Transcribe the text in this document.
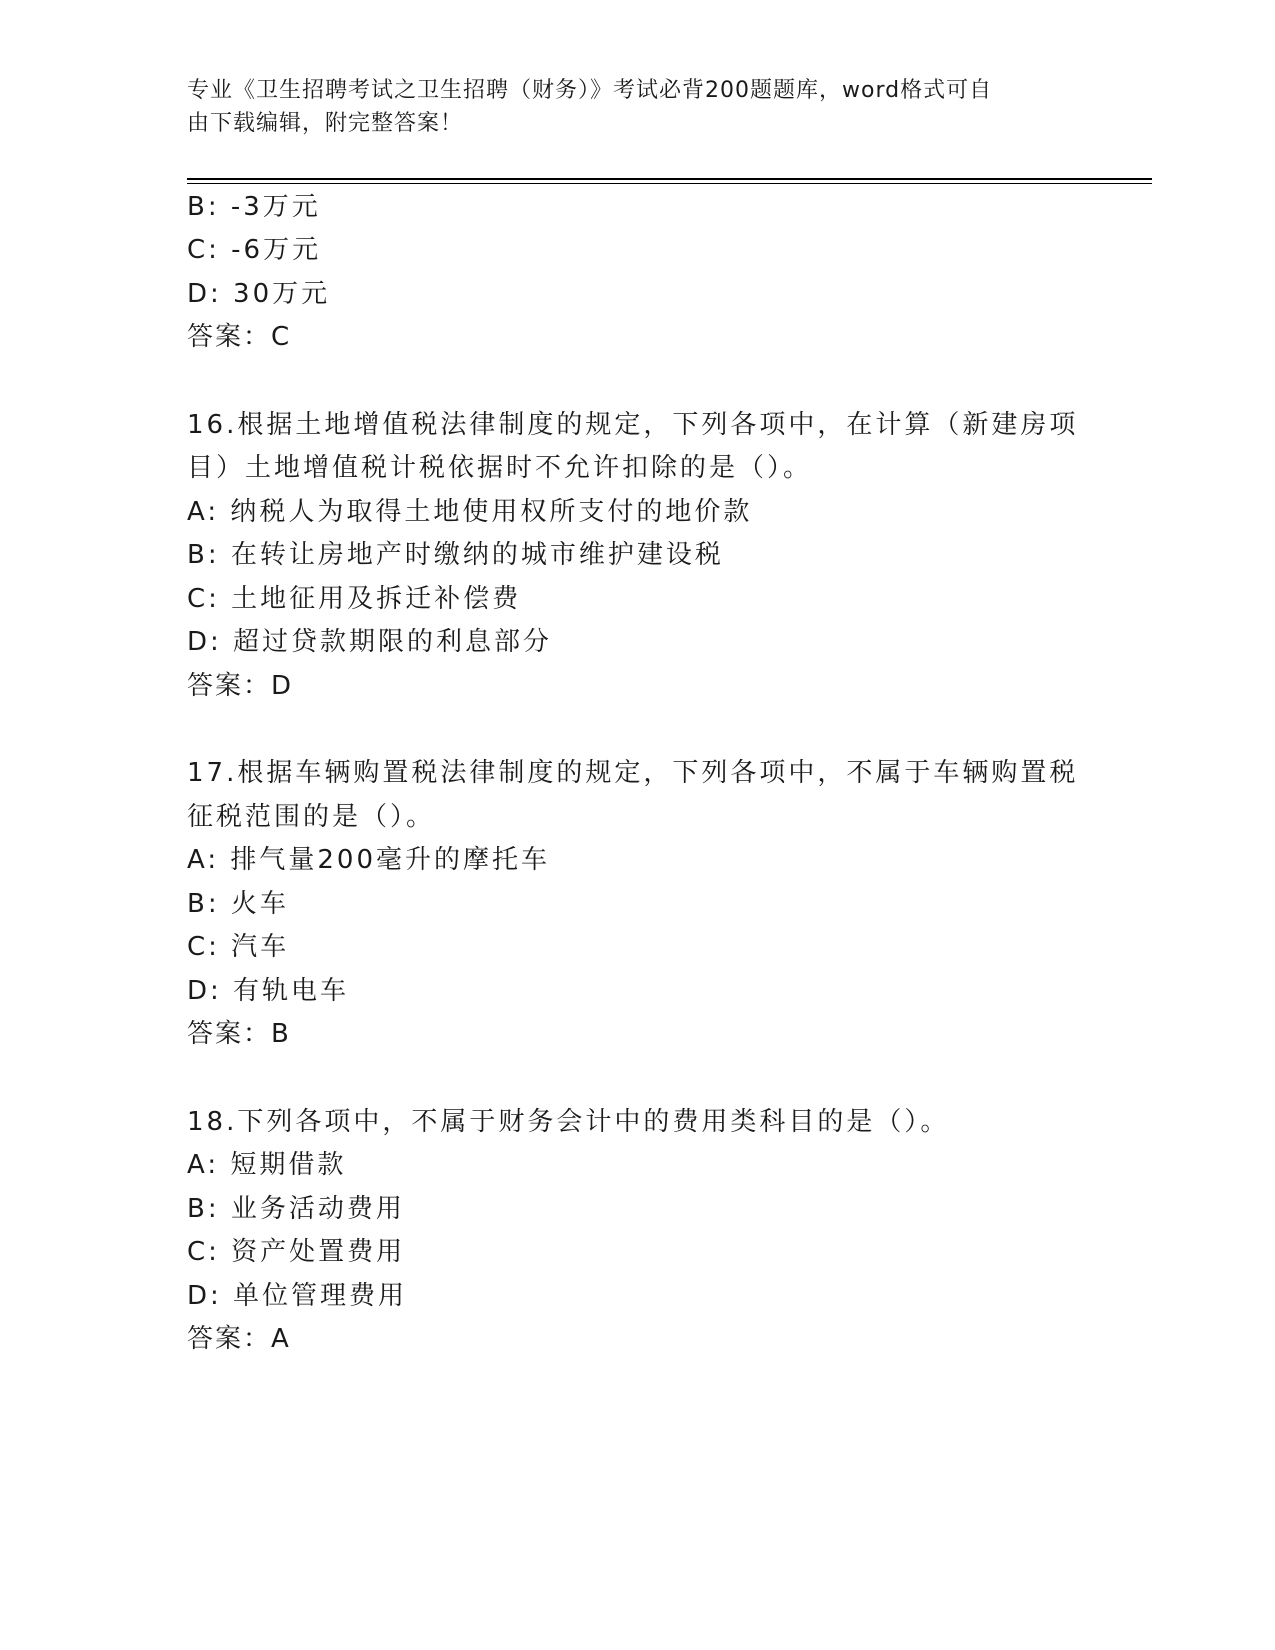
专业《卫生招聘考试之卫生招聘（财务）》考试必背200题题库，word格式可自
由下载编辑，附完整答案！
B: -3万元
C: -6万元
D: 30万元
答案：C
16.根据土地增值税法律制度的规定，下列各项中，在计算（新建房项
目）土地增值税计税依据时不允许扣除的是（）。
A: 纳税人为取得土地使用权所支付的地价款
B: 在转让房地产时缴纳的城市维护建设税
C: 土地征用及拆迁补偿费
D: 超过贷款期限的利息部分
答案：D
17.根据车辆购置税法律制度的规定，下列各项中，不属于车辆购置税
征税范围的是（）。
A: 排气量200毫升的摩托车
B: 火车
C: 汽车
D: 有轨电车
答案：B
18.下列各项中，不属于财务会计中的费用类科目的是（）。
A: 短期借款
B: 业务活动费用
C: 资产处置费用
D: 单位管理费用
答案：A
